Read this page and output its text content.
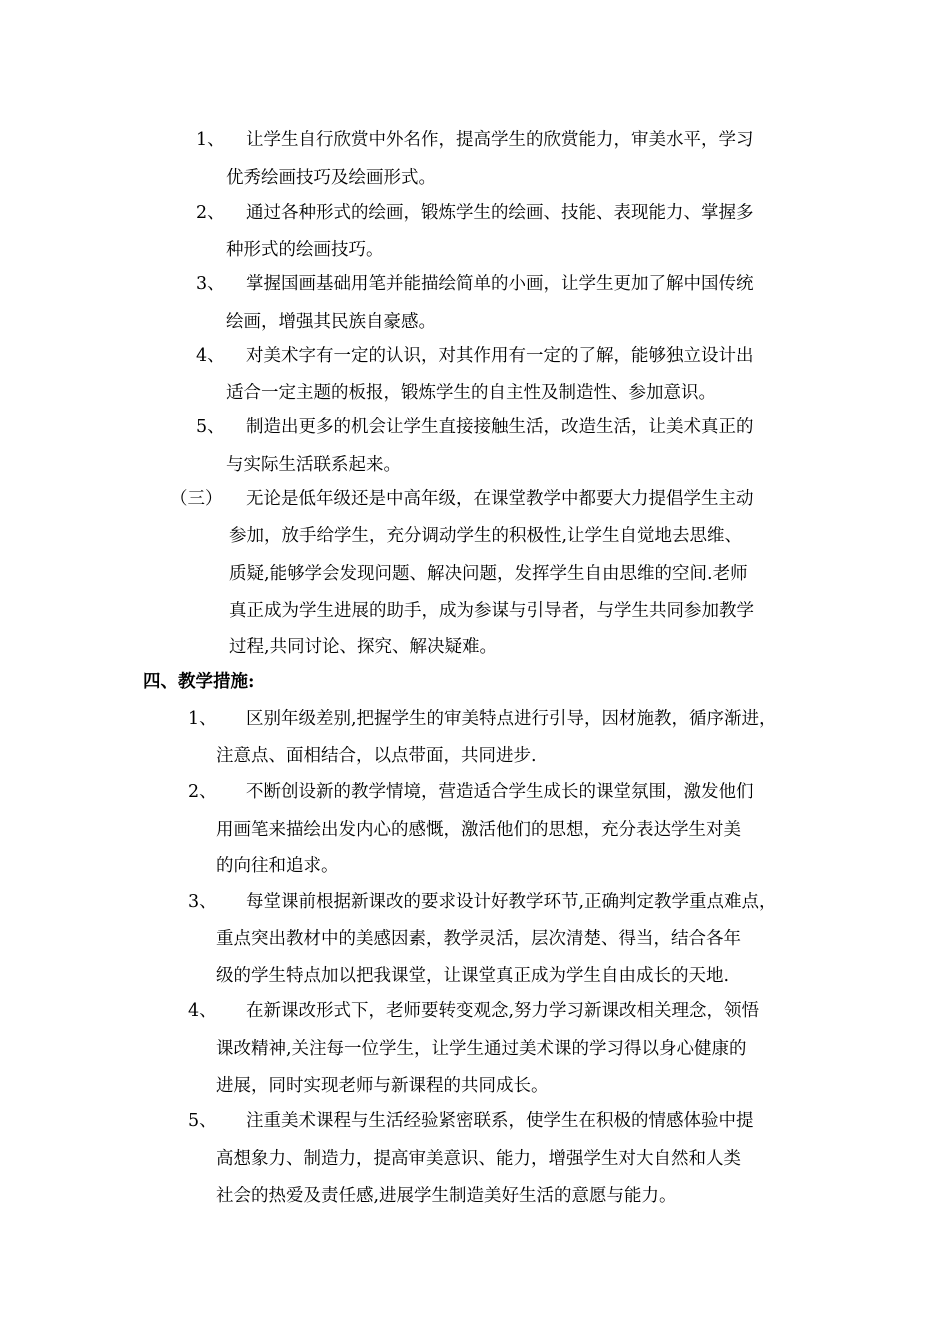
1、 让学生自行欣赏中外名作，提高学生的欣赏能力，审美水平，学习
优秀绘画技巧及绘画形式。
2、 通过各种形式的绘画，锻炼学生的绘画、技能、表现能力、掌握多
种形式的绘画技巧。
3、 掌握国画基础用笔并能描绘简单的小画，让学生更加了解中国传统
绘画，增强其民族自豪感。
4、 对美术字有一定的认识，对其作用有一定的了解，能够独立设计出
适合一定主题的板报，锻炼学生的自主性及制造性、参加意识。
5、 制造出更多的机会让学生直接接触生活，改造生活，让美术真正的
与实际生活联系起来。
（三） 无论是低年级还是中高年级，在课堂教学中都要大力提倡学生主动
参加，放手给学生，充分调动学生的积极性,让学生自觉地去思维、
质疑,能够学会发现问题、解决问题，发挥学生自由思维的空间.老师
真正成为学生进展的助手，成为参谋与引导者，与学生共同参加教学
过程,共同讨论、探究、解决疑难。
四、教学措施:
1、 区别年级差别,把握学生的审美特点进行引导，因材施教，循序渐进，
注意点、面相结合，以点带面，共同进步.
2、 不断创设新的教学情境，营造适合学生成长的课堂氛围，激发他们
用画笔来描绘出发内心的感慨，激活他们的思想，充分表达学生对美
的向往和追求。
3、 每堂课前根据新课改的要求设计好教学环节,正确判定教学重点难点，
重点突出教材中的美感因素，教学灵活，层次清楚、得当，结合各年
级的学生特点加以把我课堂，让课堂真正成为学生自由成长的天地.
4、 在新课改形式下，老师要转变观念,努力学习新课改相关理念，领悟
课改精神,关注每一位学生，让学生通过美术课的学习得以身心健康的
进展，同时实现老师与新课程的共同成长。
5、 注重美术课程与生活经验紧密联系，使学生在积极的情感体验中提
高想象力、制造力，提高审美意识、能力，增强学生对大自然和人类
社会的热爱及责任感,进展学生制造美好生活的意愿与能力。
